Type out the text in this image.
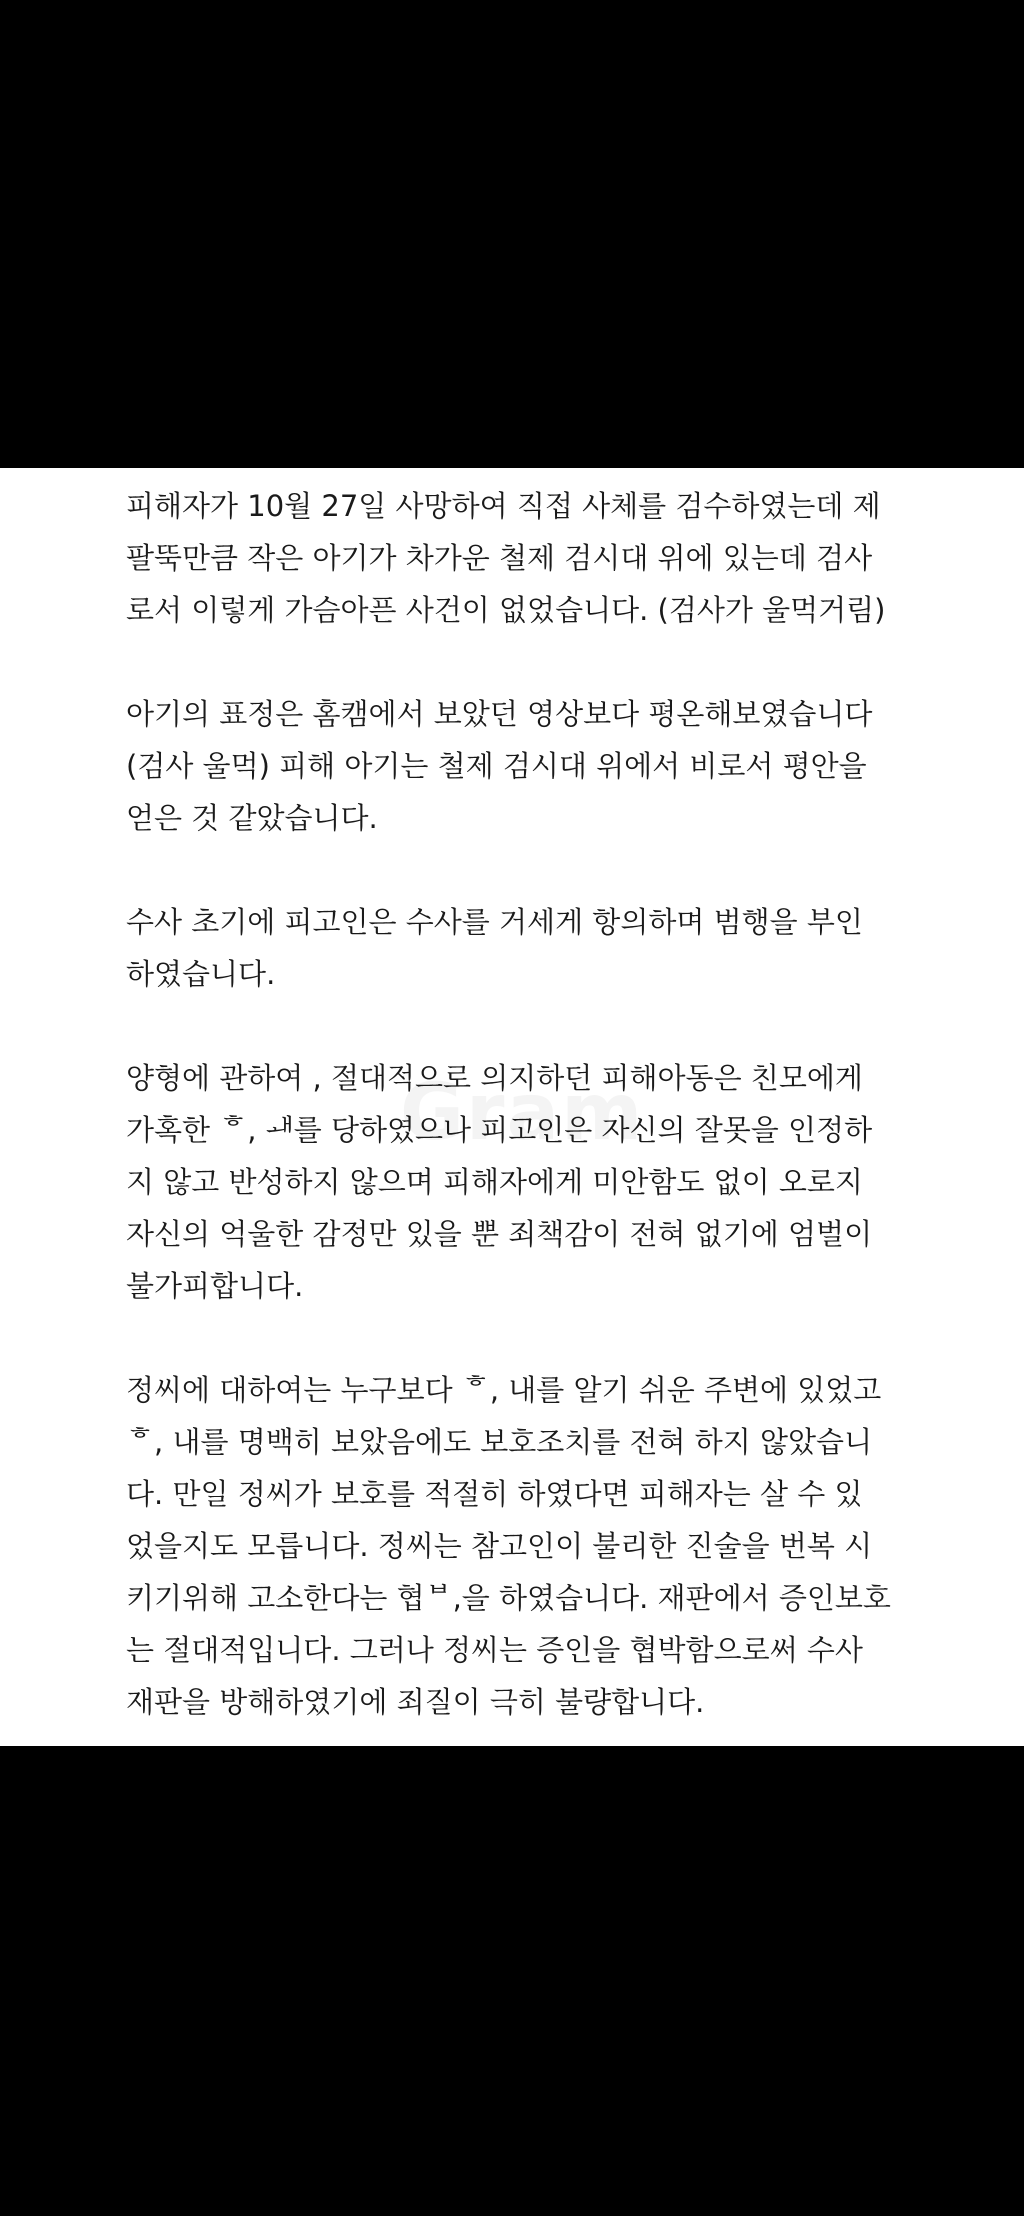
피해자가 10월 27일 사망하여 직접 사체를 검수하였는데 제
팔뚝만큼 작은 아기가 차가운 철제 검시대 위에 있는데 검사
로서 이렇게 가슴아픈 사건이 없었습니다. (검사가 울먹거림)
아기의 표정은 홈캠에서 보았던 영상보다 평온해보였습니다
(검사 울먹) 피해 아기는 철제 검시대 위에서 비로서 평안을
얻은 것 같았습니다.
수사 초기에 피고인은 수사를 거세게 항의하며 범행을 부인
하였습니다.
양형에 관하여 , 절대적으로 의지하던 피해아동은 친모에게
가혹한 ᄒ, ᅫ를 당하였으나 피고인은 자신의 잘못을 인정하
지 않고 반성하지 않으며 피해자에게 미안함도 없이 오로지
자신의 억울한 감정만 있을 뿐 죄책감이 전혀 없기에 엄벌이
불가피합니다.
정씨에 대하여는 누구보다 ᄒ, 내를 알기 쉬운 주변에 있었고
ᄒ, 내를 명백히 보았음에도 보호조치를 전혀 하지 않았습니
다. 만일 정씨가 보호를 적절히 하였다면 피해자는 살 수 있
었을지도 모릅니다. 정씨는 참고인이 불리한 진술을 번복 시
키기위해 고소한다는 협ᄇ,을 하였습니다. 재판에서 증인보호
는 절대적입니다. 그러나 정씨는 증인을 협박함으로써 수사
재판을 방해하였기에 죄질이 극히 불량합니다.
